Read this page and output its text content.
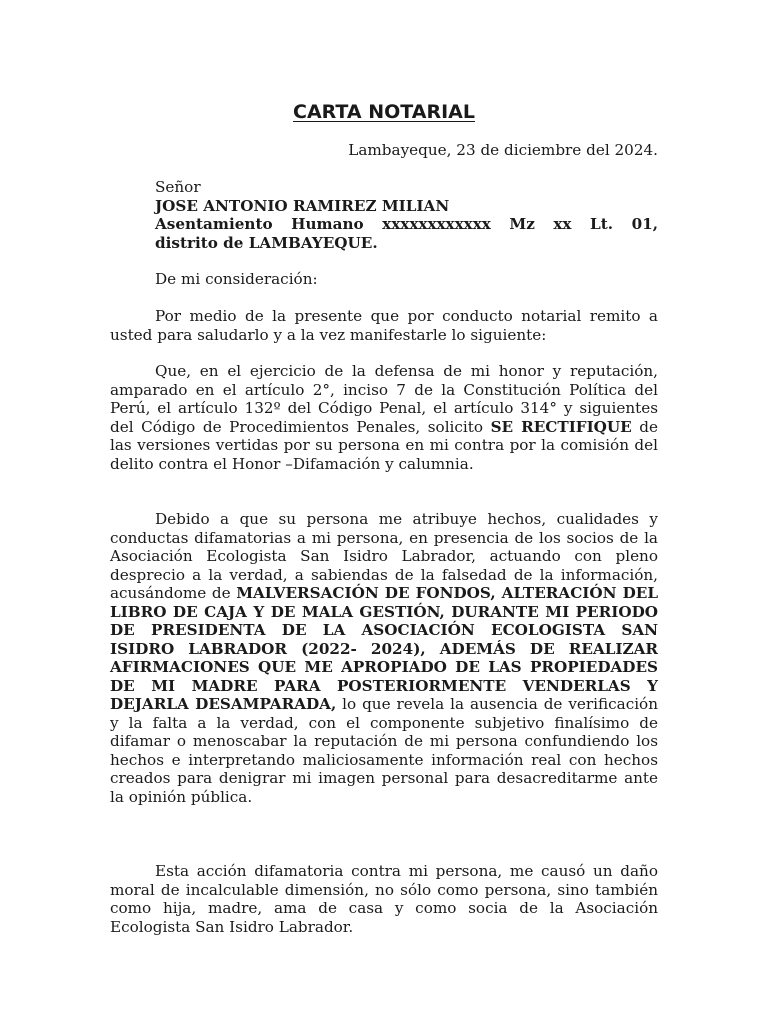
CARTA NOTARIAL
Lambayeque, 23 de diciembre del 2024.
Señor
JOSE ANTONIO RAMIREZ MILIAN
Asentamiento Humano xxxxxxxxxxxx Mz xx Lt. 01,
distrito de LAMBAYEQUE.
De mi consideración:

Por medio de la presente que por conducto notarial remito a usted para saludarlo y a la vez manifestarle lo siguiente:

Que, en el ejercicio de la defensa de mi honor y reputación, amparado en el artículo 2°, inciso 7 de la Constitución Política del Perú, el artículo 132º del Código Penal, el artículo 314° y siguientes del Código de Procedimientos Penales, solicito SE RECTIFIQUE de las versiones vertidas por su persona en mi contra por la comisión del delito contra el Honor –Difamación y calumnia.

Debido a que su persona me atribuye hechos, cualidades y conductas difamatorias a mi persona, en presencia de los socios de la Asociación Ecologista San Isidro Labrador, actuando con pleno desprecio a la verdad, a sabiendas de la falsedad de la información, acusándome de MALVERSACIÓN DE FONDOS, ALTERACIÓN DEL LIBRO DE CAJA Y DE MALA GESTIÓN, DURANTE MI PERIODO DE PRESIDENTA DE LA ASOCIACIÓN ECOLOGISTA SAN ISIDRO LABRADOR (2022- 2024), ADEMÁS DE REALIZAR AFIRMACIONES QUE ME APROPIADO DE LAS PROPIEDADES DE MI MADRE PARA POSTERIORMENTE VENDERLAS Y DEJARLA DESAMPARADA, lo que revela la ausencia de verificación y la falta a la verdad, con el componente subjetivo finalísimo de difamar o menoscabar la reputación de mi persona confundiendo los hechos e interpretando maliciosamente información real con hechos creados para denigrar mi imagen personal para desacreditarme ante la opinión pública.

Esta acción difamatoria contra mi persona, me causó un daño moral de incalculable dimensión, no sólo como persona, sino también como hija, madre, ama de casa y como socia de la Asociación Ecologista San Isidro Labrador.
